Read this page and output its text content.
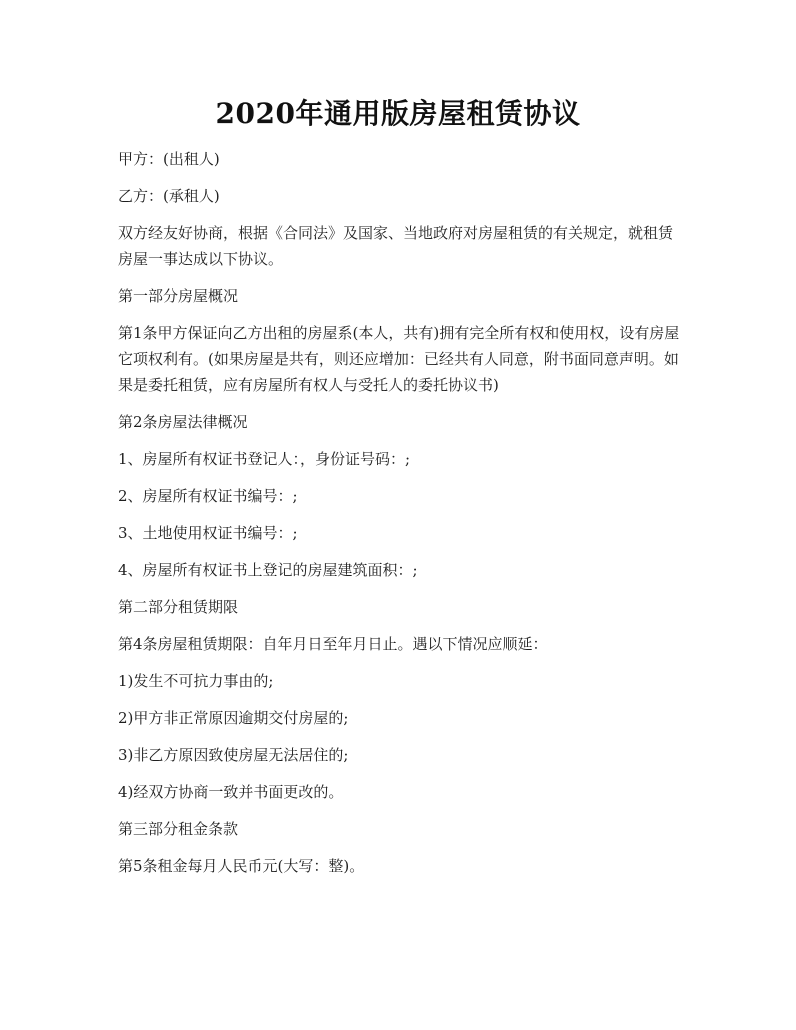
2020年通用版房屋租赁协议

甲方：(出租人)

乙方：(承租人)

双方经友好协商，根据《合同法》及国家、当地政府对房屋租赁的有关规定，就租赁房屋一事达成以下协议。

第一部分房屋概况

第1条甲方保证向乙方出租的房屋系(本人，共有)拥有完全所有权和使用权，设有房屋它项权利有。(如果房屋是共有，则还应增加：已经共有人同意，附书面同意声明。如果是委托租赁，应有房屋所有权人与受托人的委托协议书)

第2条房屋法律概况

1、房屋所有权证书登记人：，身份证号码：;

2、房屋所有权证书编号：;

3、土地使用权证书编号：;

4、房屋所有权证书上登记的房屋建筑面积：;

第二部分租赁期限

第4条房屋租赁期限：自年月日至年月日止。遇以下情况应顺延：

1)发生不可抗力事由的;

2)甲方非正常原因逾期交付房屋的;

3)非乙方原因致使房屋无法居住的;

4)经双方协商一致并书面更改的。

第三部分租金条款

第5条租金每月人民币元(大写：整)。
